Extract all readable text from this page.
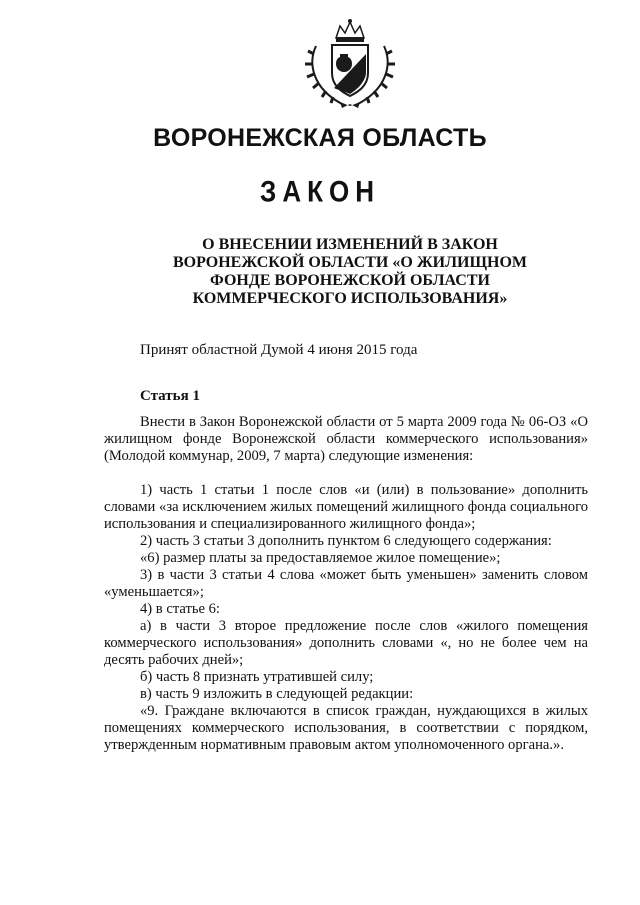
ВОРОНЕЖСКАЯ ОБЛАСТЬ
ЗАКОН
О ВНЕСЕНИИ ИЗМЕНЕНИЙ В ЗАКОН
ВОРОНЕЖСКОЙ ОБЛАСТИ «О ЖИЛИЩНОМ
ФОНДЕ ВОРОНЕЖСКОЙ ОБЛАСТИ
КОММЕРЧЕСКОГО ИСПОЛЬЗОВАНИЯ»
Принят областной Думой 4 июня 2015 года
Статья 1

Внести в Закон Воронежской области от 5 марта 2009 года № 06-ОЗ «О жилищном фонде Воронежской области коммерческого использования» (Молодой коммунар, 2009, 7 марта) следующие изменения:

1) часть 1 статьи 1 после слов «и (или) в пользование» дополнить словами «за исключением жилых помещений жилищного фонда социального использования и специализированного жилищного фонда»;

2) часть 3 статьи 3 дополнить пунктом 6 следующего содержания:

«6) размер платы за предоставляемое жилое помещение»;

3) в части 3 статьи 4 слова «может быть уменьшен» заменить словом «уменьшается»;

4) в статье 6:

а) в части 3 второе предложение после слов «жилого помещения коммерческого использования» дополнить словами «, но не более чем на десять рабочих дней»;

б) часть 8 признать утратившей силу;

в) часть 9 изложить в следующей редакции:

«9. Граждане включаются в список граждан, нуждающихся в жилых помещениях коммерческого использования, в соответствии с порядком, утвержденным нормативным правовым актом уполномоченного органа.».
